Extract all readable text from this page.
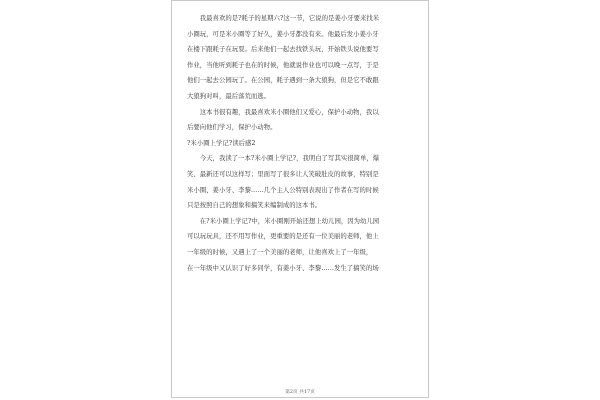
　　我最喜欢的是?耗子的星期六?这一节，它说的是姜小牙要来找米
小圈玩，可是米小圈等了好久，姜小牙都没有来。他最后发小姜小牙
在楼下跟耗子在玩耍。后来他们一起去找铁头玩，开始铁头说他要写
作业，当他听到耗子也在的时候，他就说作业也可以晚一点写，于是
他们一起去公园玩了。在公园，耗子遇到一条大狼狗，但是它不敢跟
大狼狗对叫，最后落荒而逃。
　　这本书很有趣，我最喜欢米小圈他们又爱心，保护小动物，我以
后要向他们学习，保护小动物。
?米小圈上学记?读后感2
　　今天，我读了一本?米小圈上学记?，我明白了写其实很简单，爆
笑、最新还可以这样写；里面写了很多让人笑破肚皮的故事，特别是
米小圈、姜小牙、李黎……几个主人公特别表现出了作者在写的时候
只是按照自己的想象和搞笑来编制成的这本书。
　　在?米小圈上学记?中，米小圈刚开始还想上幼儿园，因为幼儿园
可以玩玩具，还不用写作业，更重要的是还有一位美丽的老师，他上
一年级的时候，又遇上了一个美丽的老师，让他喜欢上了一年级，
在一年级中又认识了好多同学，有姜小牙、李黎……发生了搞笑的场
第2页 共17页
